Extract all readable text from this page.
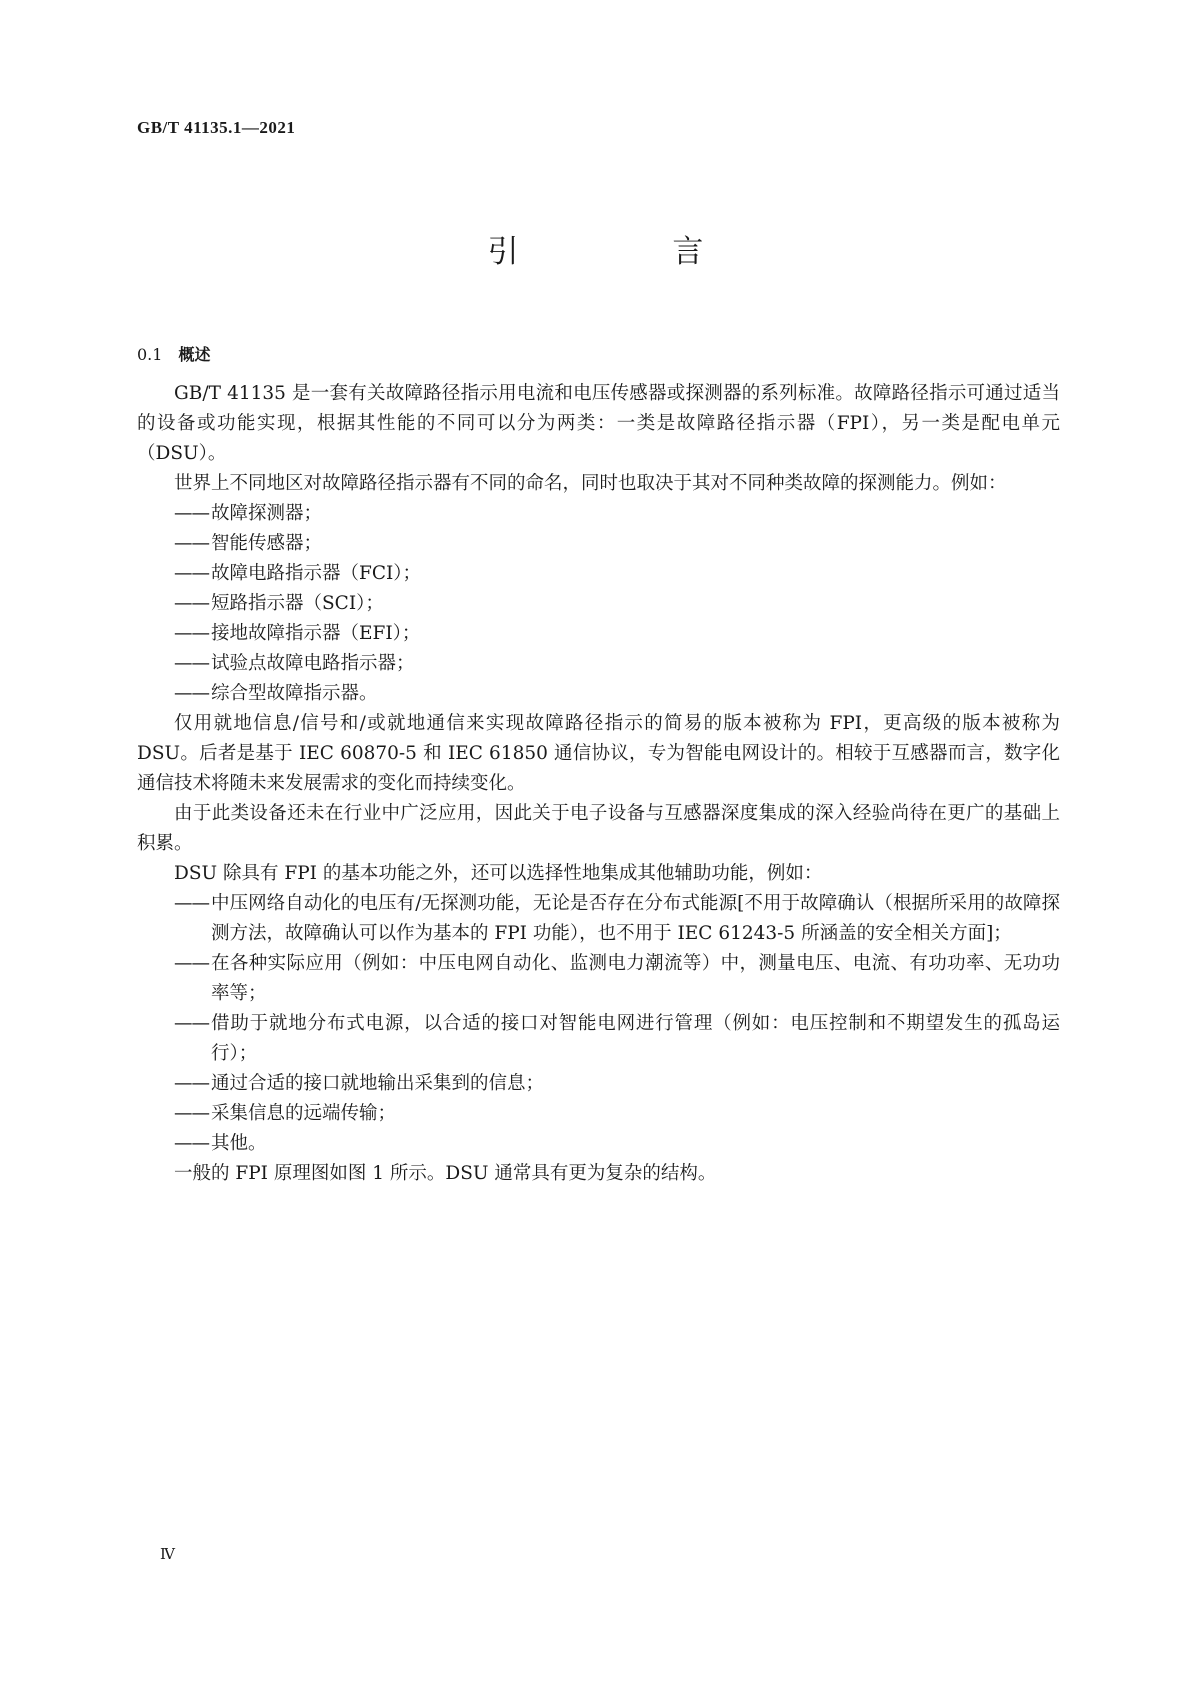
GB/T 41135.1—2021
引 言
0.1 概述

GB/T 41135 是一套有关故障路径指示用电流和电压传感器或探测器的系列标准。故障路径指示可通过适当的设备或功能实现，根据其性能的不同可以分为两类：一类是故障路径指示器（FPI），另一类是配电单元（DSU）。

世界上不同地区对故障路径指示器有不同的命名，同时也取决于其对不同种类故障的探测能力。例如：

—— 故障探测器；
—— 智能传感器；
—— 故障电路指示器（FCI）；
—— 短路指示器（SCI）；
—— 接地故障指示器（EFI）；
—— 试验点故障电路指示器；
—— 综合型故障指示器。

仅用就地信息/信号和/或就地通信来实现故障路径指示的简易的版本被称为 FPI，更高级的版本被称为 DSU。后者是基于 IEC 60870-5 和 IEC 61850 通信协议，专为智能电网设计的。相较于互感器而言，数字化通信技术将随未来发展需求的变化而持续变化。

由于此类设备还未在行业中广泛应用，因此关于电子设备与互感器深度集成的深入经验尚待在更广的基础上积累。

DSU 除具有 FPI 的基本功能之外，还可以选择性地集成其他辅助功能，例如：

—— 中压网络自动化的电压有/无探测功能，无论是否存在分布式能源[不用于故障确认（根据所采用的故障探测方法，故障确认可以作为基本的 FPI 功能），也不用于 IEC 61243-5 所涵盖的安全相关方面]；
—— 在各种实际应用（例如：中压电网自动化、监测电力潮流等）中，测量电压、电流、有功功率、无功功率等；
—— 借助于就地分布式电源，以合适的接口对智能电网进行管理（例如：电压控制和不期望发生的孤岛运行）；
—— 通过合适的接口就地输出采集到的信息；
—— 采集信息的远端传输；
—— 其他。

一般的 FPI 原理图如图 1 所示。DSU 通常具有更为复杂的结构。

Ⅳ
